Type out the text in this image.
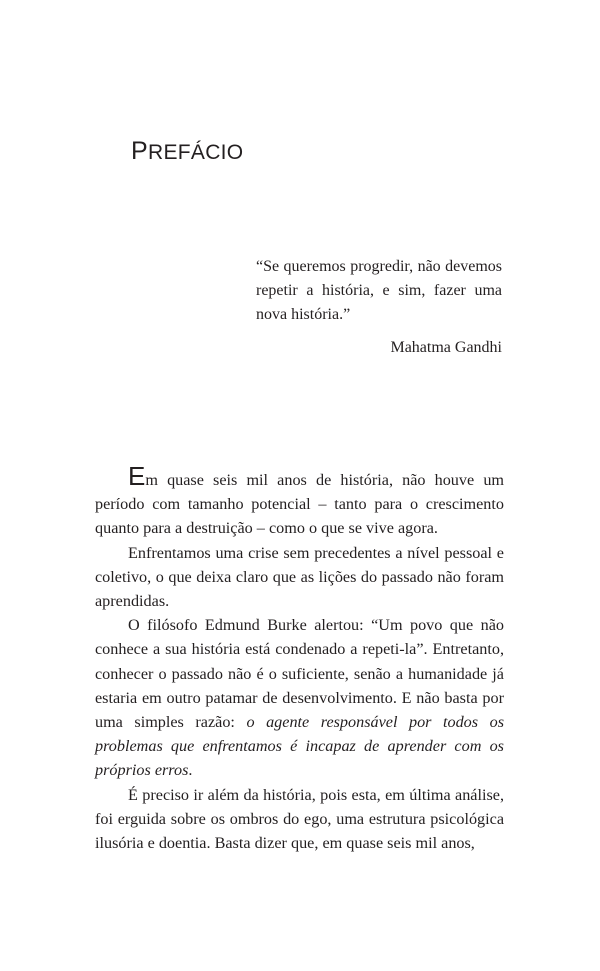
PREFÁCIO

“Se queremos progredir, não devemos repetir a história, e sim, fazer uma nova história.”

Mahatma Gandhi

Em quase seis mil anos de história, não houve um período com tamanho potencial – tanto para o crescimento quanto para a destruição – como o que se vive agora.

Enfrentamos uma crise sem precedentes a nível pessoal e coletivo, o que deixa claro que as lições do passado não foram aprendidas.

O filósofo Edmund Burke alertou: “Um povo que não conhece a sua história está condenado a repeti-la”. Entretanto, conhecer o passado não é o suficiente, senão a humanidade já estaria em outro patamar de desenvolvimento. E não basta por uma simples razão: o agente responsável por todos os problemas que enfrentamos é incapaz de aprender com os próprios erros.

É preciso ir além da história, pois esta, em última análise, foi erguida sobre os ombros do ego, uma estrutura psicológica ilusória e doentia. Basta dizer que, em quase seis mil anos,
